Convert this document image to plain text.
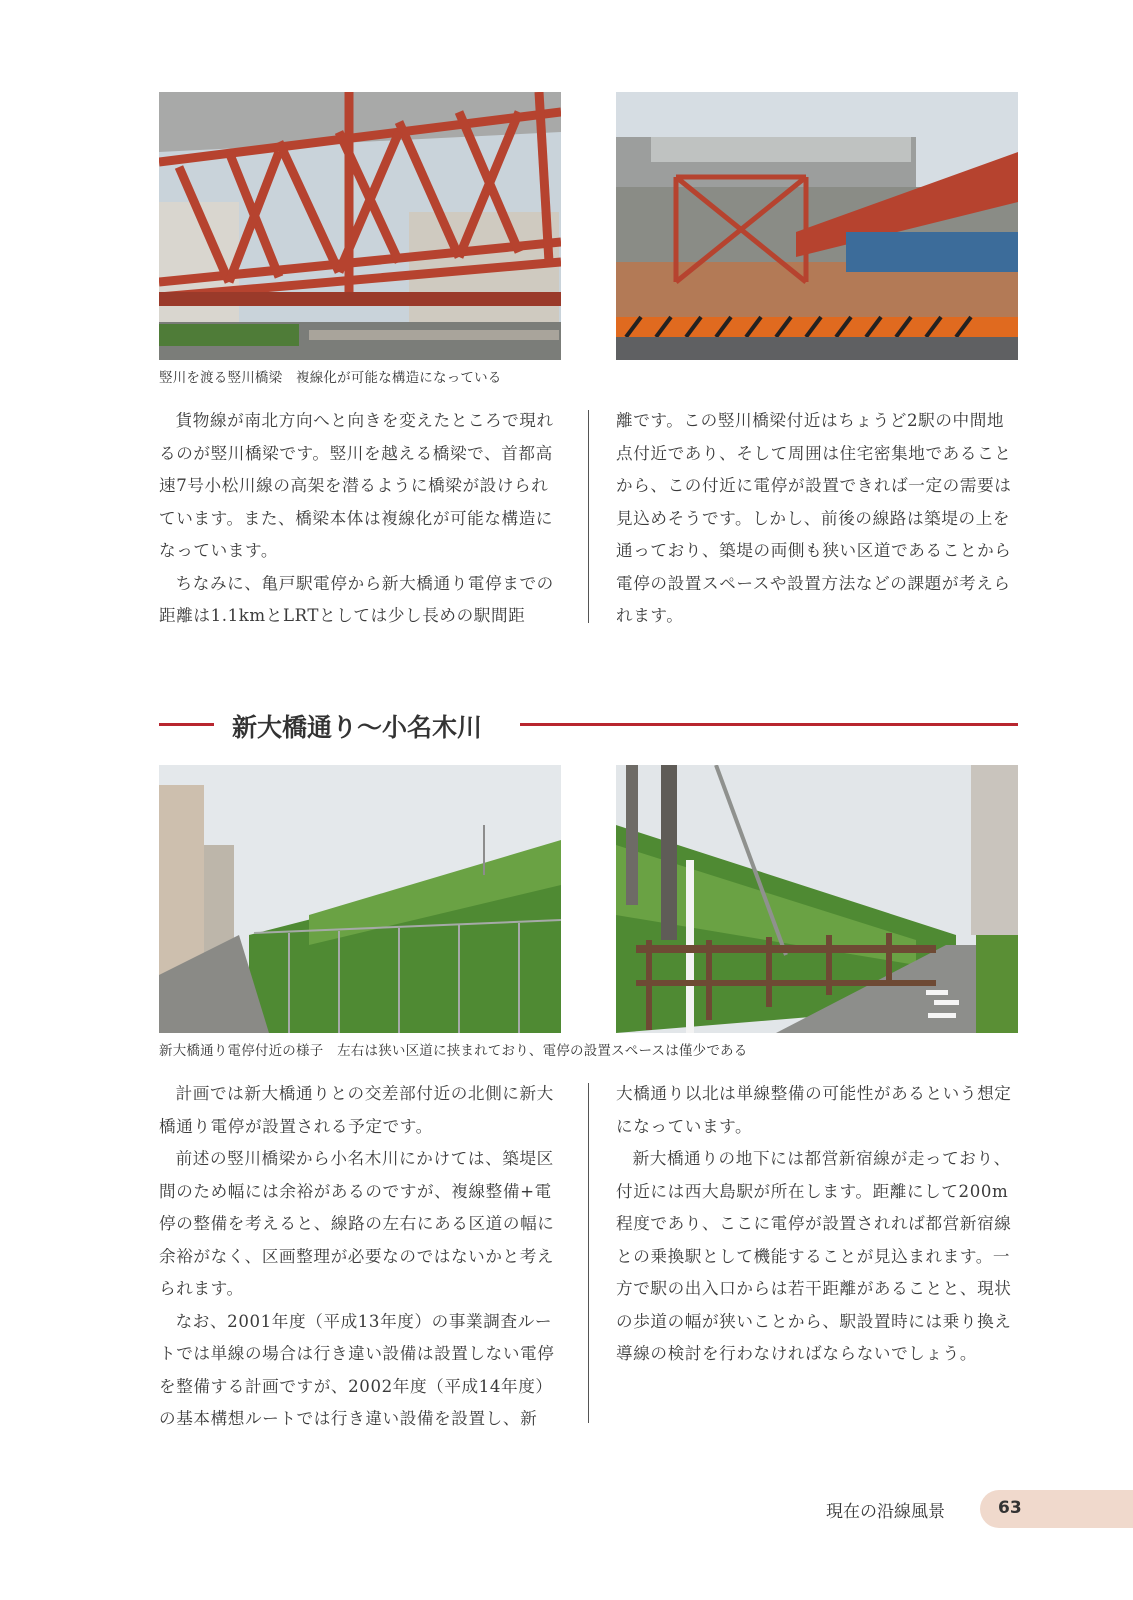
竪川を渡る竪川橋梁　複線化が可能な構造になっている

貨物線が南北方向へと向きを変えたところで現れるのが竪川橋梁です。竪川を越える橋梁で、首都高速7号小松川線の高架を潜るように橋梁が設けられています。また、橋梁本体は複線化が可能な構造になっています。

ちなみに、亀戸駅電停から新大橋通り電停までの距離は1.1kmとLRTとしては少し長めの駅間距

離です。この竪川橋梁付近はちょうど2駅の中間地点付近であり、そして周囲は住宅密集地であることから、この付近に電停が設置できれば一定の需要は見込めそうです。しかし、前後の線路は築堤の上を通っており、築堤の両側も狭い区道であることから電停の設置スペースや設置方法などの課題が考えられます。

新大橋通り〜小名木川
新大橋通り電停付近の様子　左右は狭い区道に挟まれており、電停の設置スペースは僅少である

計画では新大橋通りとの交差部付近の北側に新大橋通り電停が設置される予定です。

前述の竪川橋梁から小名木川にかけては、築堤区間のため幅には余裕があるのですが、複線整備+電停の整備を考えると、線路の左右にある区道の幅に余裕がなく、区画整理が必要なのではないかと考えられます。

なお、2001年度（平成13年度）の事業調査ルートでは単線の場合は行き違い設備は設置しない電停を整備する計画ですが、2002年度（平成14年度）の基本構想ルートでは行き違い設備を設置し、新

大橋通り以北は単線整備の可能性があるという想定になっています。

新大橋通りの地下には都営新宿線が走っており、付近には西大島駅が所在します。距離にして200m程度であり、ここに電停が設置されれば都営新宿線との乗換駅として機能することが見込まれます。一方で駅の出入口からは若干距離があることと、現状の歩道の幅が狭いことから、駅設置時には乗り換え導線の検討を行わなければならないでしょう。

現在の沿線風景	63
